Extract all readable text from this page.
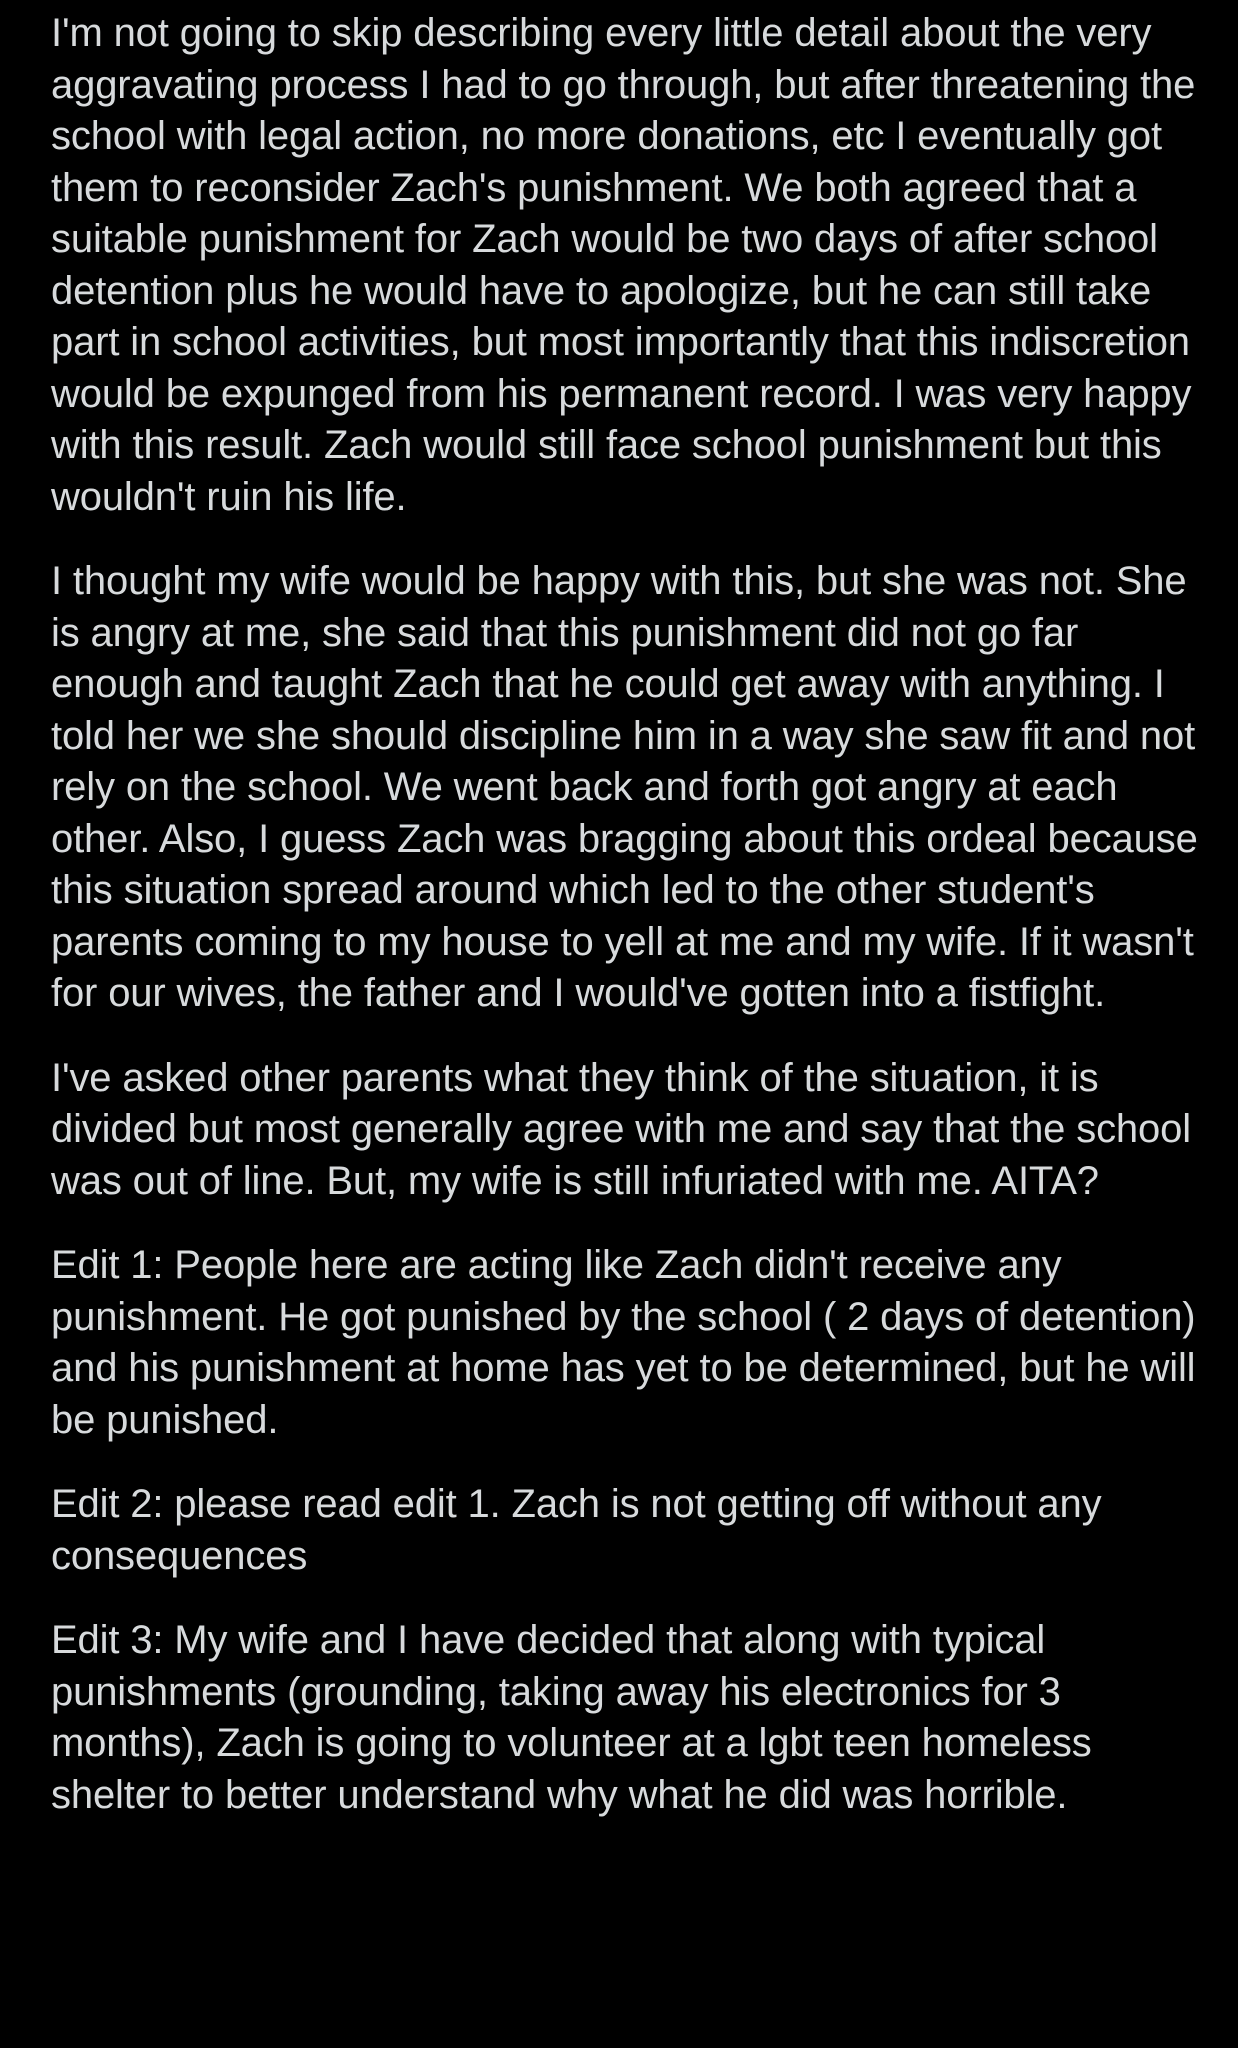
I'm not going to skip describing every little detail about the very aggravating process I had to go through, but after threatening the school with legal action, no more donations, etc I eventually got them to reconsider Zach's punishment. We both agreed that a suitable punishment for Zach would be two days of after school detention plus he would have to apologize, but he can still take part in school activities, but most importantly that this indiscretion would be expunged from his permanent record. I was very happy with this result. Zach would still face school punishment but this wouldn't ruin his life.

I thought my wife would be happy with this, but she was not. She is angry at me, she said that this punishment did not go far enough and taught Zach that he could get away with anything. I told her we she should discipline him in a way she saw fit and not rely on the school. We went back and forth got angry at each other. Also, I guess Zach was bragging about this ordeal because this situation spread around which led to the other student's parents coming to my house to yell at me and my wife. If it wasn't for our wives, the father and I would've gotten into a fistfight.

I've asked other parents what they think of the situation, it is divided but most generally agree with me and say that the school was out of line. But, my wife is still infuriated with me. AITA?

Edit 1: People here are acting like Zach didn't receive any punishment. He got punished by the school ( 2 days of detention) and his punishment at home has yet to be determined, but he will be punished.

Edit 2: please read edit 1. Zach is not getting off without any consequences

Edit 3: My wife and I have decided that along with typical punishments (grounding, taking away his electronics for 3 months), Zach is going to volunteer at a lgbt teen homeless shelter to better understand why what he did was horrible.
